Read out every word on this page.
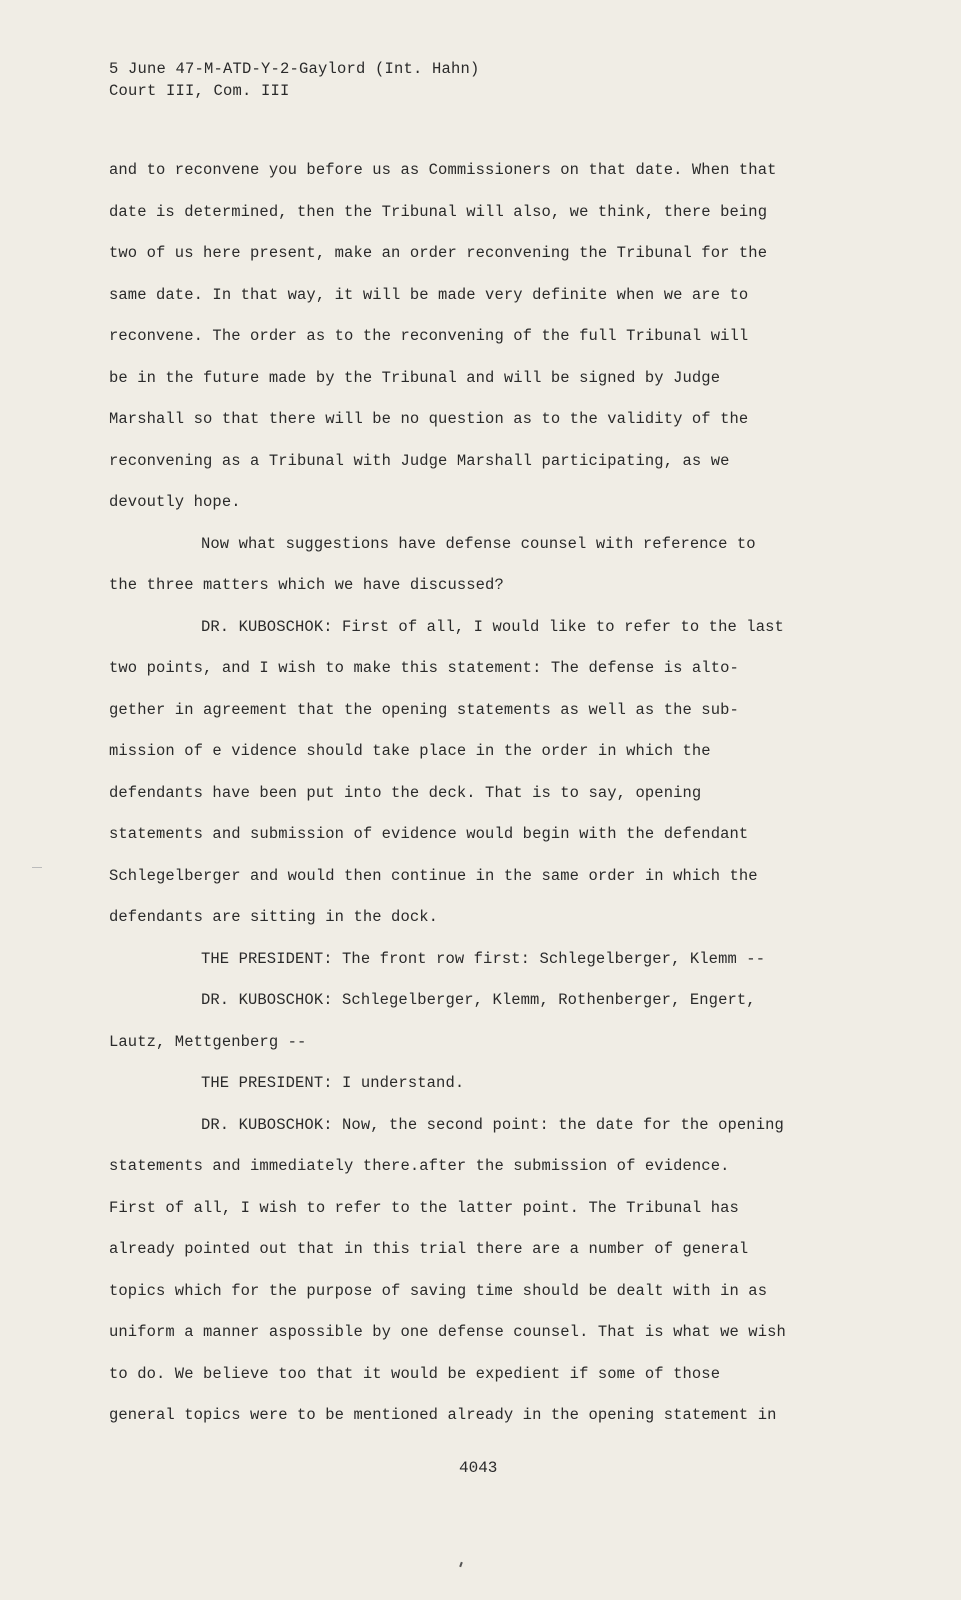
5 June 47-M-ATD-Y-2-Gaylord (Int. Hahn)
Court III, Com. III
and to reconvene you before us as Commissioners on that date. When that
date is determined, then the Tribunal will also, we think, there being
two of us here present, make an order reconvening the Tribunal for the
same date. In that way, it will be made very definite when we are to
reconvene. The order as to the reconvening of the full Tribunal will
be in the future made by the Tribunal and will be signed by Judge
Marshall so that there will be no question as to the validity of the
reconvening as a Tribunal with Judge Marshall participating, as we
devoutly hope.
Now what suggestions have defense counsel with reference to
the three matters which we have discussed?
DR. KUBOSCHOK: First of all, I would like to refer to the last
two points, and I wish to make this statement: The defense is alto-
gether in agreement that the opening statements as well as the sub-
mission of e vidence should take place in the order in which the
defendants have been put into the deck. That is to say, opening
statements and submission of evidence would begin with the defendant
Schlegelberger and would then continue in the same order in which the
defendants are sitting in the dock.
THE PRESIDENT: The front row first: Schlegelberger, Klemm --
DR. KUBOSCHOK: Schlegelberger, Klemm, Rothenberger, Engert,
Lautz, Mettgenberg --
THE PRESIDENT: I understand.
DR. KUBOSCHOK: Now, the second point: the date for the opening
statements and immediately there.after the submission of evidence.
First of all, I wish to refer to the latter point. The Tribunal has
already pointed out that in this trial there are a number of general
topics which for the purpose of saving time should be dealt with in as
uniform a manner aspossible by one defense counsel. That is what we wish
to do. We believe too that it would be expedient if some of those
general topics were to be mentioned already in the opening statement in
4043
